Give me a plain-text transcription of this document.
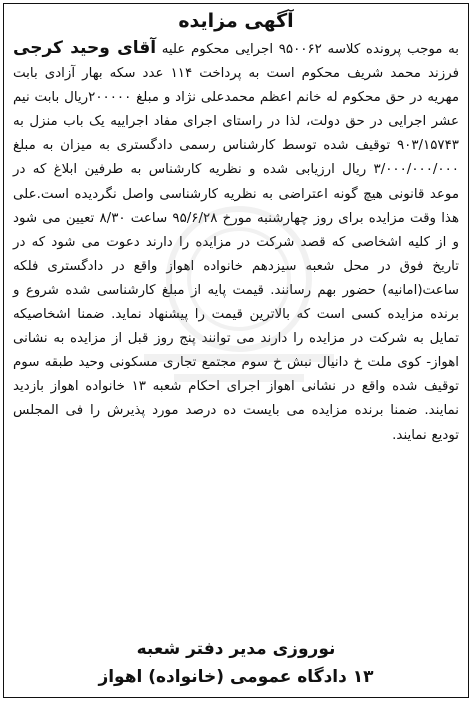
آگهی مزایده

به موجب پرونده کلاسه ۹۵۰۰۶۲ اجرایی محکوم علیه آقای وحید کرجی فرزند محمد شریف محکوم است به پرداخت ۱۱۴ عدد سکه بهار آزادی بابت مهریه در حق محکوم له خانم اعظم محمدعلی نژاد و مبلغ ۲۰۰۰۰۰ریال بابت نیم عشر اجرایی در حق دولت، لذا در راستای اجرای مفاد اجراییه یک باب منزل به ۹۰۳/۱۵۷۴۳ توقیف شده توسط کارشناس رسمی دادگستری به میزان به مبلغ ۳/۰۰۰/۰۰۰/۰۰۰ ریال ارزیابی شده و نظریه کارشناس به طرفین ابلاغ که در موعد قانونی هیچ گونه اعتراضی به نظریه کارشناسی واصل نگردیده است.علی هذا وقت مزایده برای روز چهارشنبه مورخ ۹۵/۶/۲۸ ساعت ۸/۳۰ تعیین می شود و از کلیه اشخاصی که قصد شرکت در مزایده را دارند دعوت می شود که در تاریخ فوق در محل شعبه سیزدهم خانواده اهواز واقع در دادگستری فلکه ساعت(امانیه) حضور بهم رسانند. قیمت پایه از مبلغ کارشناسی شده شروع و برنده مزایده کسی است که بالاترین قیمت را پیشنهاد نماید. ضمنا اشخاصیکه تمایل به شرکت در مزایده را دارند می توانند پنج روز قبل از مزایده به نشانی اهواز- کوی ملت خ دانیال نبش خ سوم مجتمع تجاری مسکونی وحید طبقه سوم توقیف شده واقع در نشانی اهواز اجرای احکام شعبه ۱۳ خانواده اهواز بازدید نمایند. ضمنا برنده مزایده می بایست ده درصد مورد پذیرش را فی المجلس تودیع نمایند.

نوروزی مدیر دفتر شعبه

۱۳ دادگاه عمومی (خانواده) اهواز
